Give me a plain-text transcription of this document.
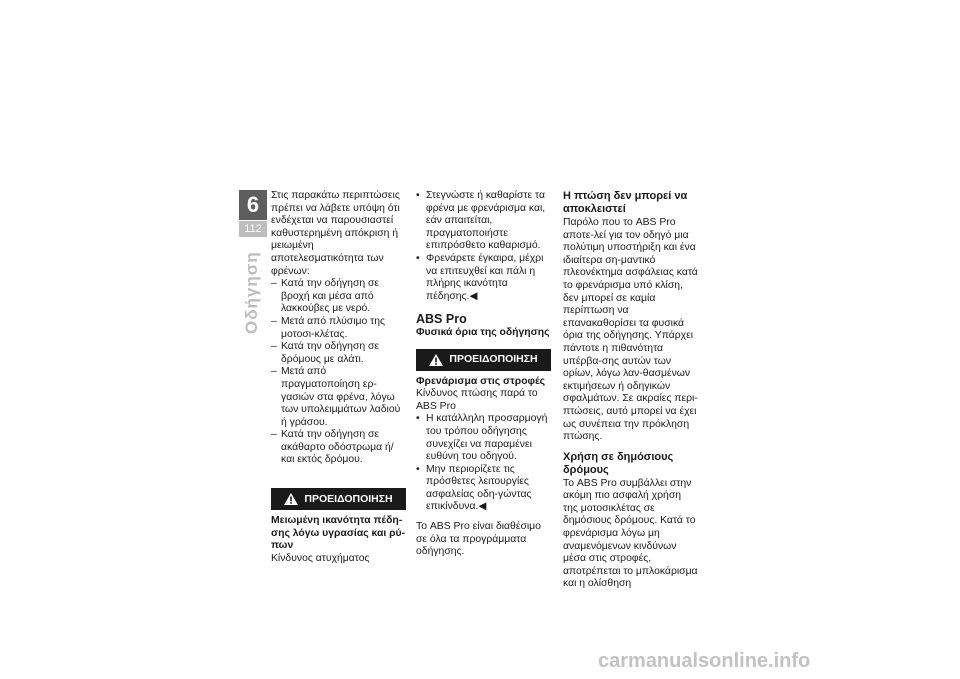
6
112
Οδήγηση

Στις παρακάτω περιπτώσεις πρέπει να λάβετε υπόψη ότι ενδέχεται να παρουσιαστεί καθυστερημένη απόκριση ή μειωμένη αποτελεσματικότητα των φρένων:

– Κατά την οδήγηση σε βροχή και μέσα από λακκούβες με νερό.
– Μετά από πλύσιμο της μοτοσι-κλέτας.
– Κατά την οδήγηση σε δρόμους με αλάτι.
– Μετά από πραγματοποίηση ερ-γασιών στα φρένα, λόγω των υπολειμμάτων λαδιού ή γράσου.
– Κατά την οδήγηση σε ακάθαρτο οδόστρωμα ή/και εκτός δρόμου.
ΠΡΟΕΙΔΟΠΟΙΗΣΗ

Μειωμένη ικανότητα πέδη-σης λόγω υγρασίας και ρύ-πων

Κίνδυνος ατυχήματος

• Στεγνώστε ή καθαρίστε τα φρένα με φρενάρισμα και, εάν απαιτείται, πραγματοποιήστε επιπρόσθετο καθαρισμό.
• Φρενάρετε έγκαιρα, μέχρι να επιτευχθεί και πάλι η πλήρης ικανότητα πέδησης.◀

ABS Pro

Φυσικά όρια της οδήγησης

ΠΡΟΕΙΔΟΠΟΙΗΣΗ

Φρενάρισμα στις στροφές

Κίνδυνος πτώσης παρά το ABS Pro

• Η κατάλληλη προσαρμογή του τρόπου οδήγησης συνεχίζει να παραμένει ευθύνη του οδηγού.
• Μην περιορίζετε τις πρόσθετες λειτουργίες ασφαλείας οδη-γώντας επικίνδυνα.◀

Το ABS Pro είναι διαθέσιμο σε όλα τα προγράμματα οδήγησης.

Η πτώση δεν μπορεί να αποκλειστεί

Παρόλο που το ABS Pro αποτε-λεί για τον οδηγό μια πολύτιμη υποστήριξη και ένα ιδιαίτερα ση-μαντικό πλεονέκτημα ασφάλειας κατά το φρενάρισμα υπό κλίση, δεν μπορεί σε καμία περίπτωση να επανακαθορίσει τα φυσικά όρια της οδήγησης. Υπάρχει πάντοτε η πιθανότητα υπέρβα-σης αυτών των ορίων, λόγω λαν-θασμένων εκτιμήσεων ή οδηγικών σφαλμάτων. Σε ακραίες περι-πτώσεις, αυτό μπορεί να έχει ως συνέπεια την πρόκληση πτώσης.

Χρήση σε δημόσιους δρόμους

Το ABS Pro συμβάλλει στην ακόμη πιο ασφαλή χρήση της μοτοσικλέτας σε δημόσιους δρόμους. Κατά το φρενάρισμα λόγω μη αναμενόμενων κινδύνων μέσα στις στροφές, αποτρέπεται το μπλοκάρισμα και η ολίσθηση

carmanualsonline.info
